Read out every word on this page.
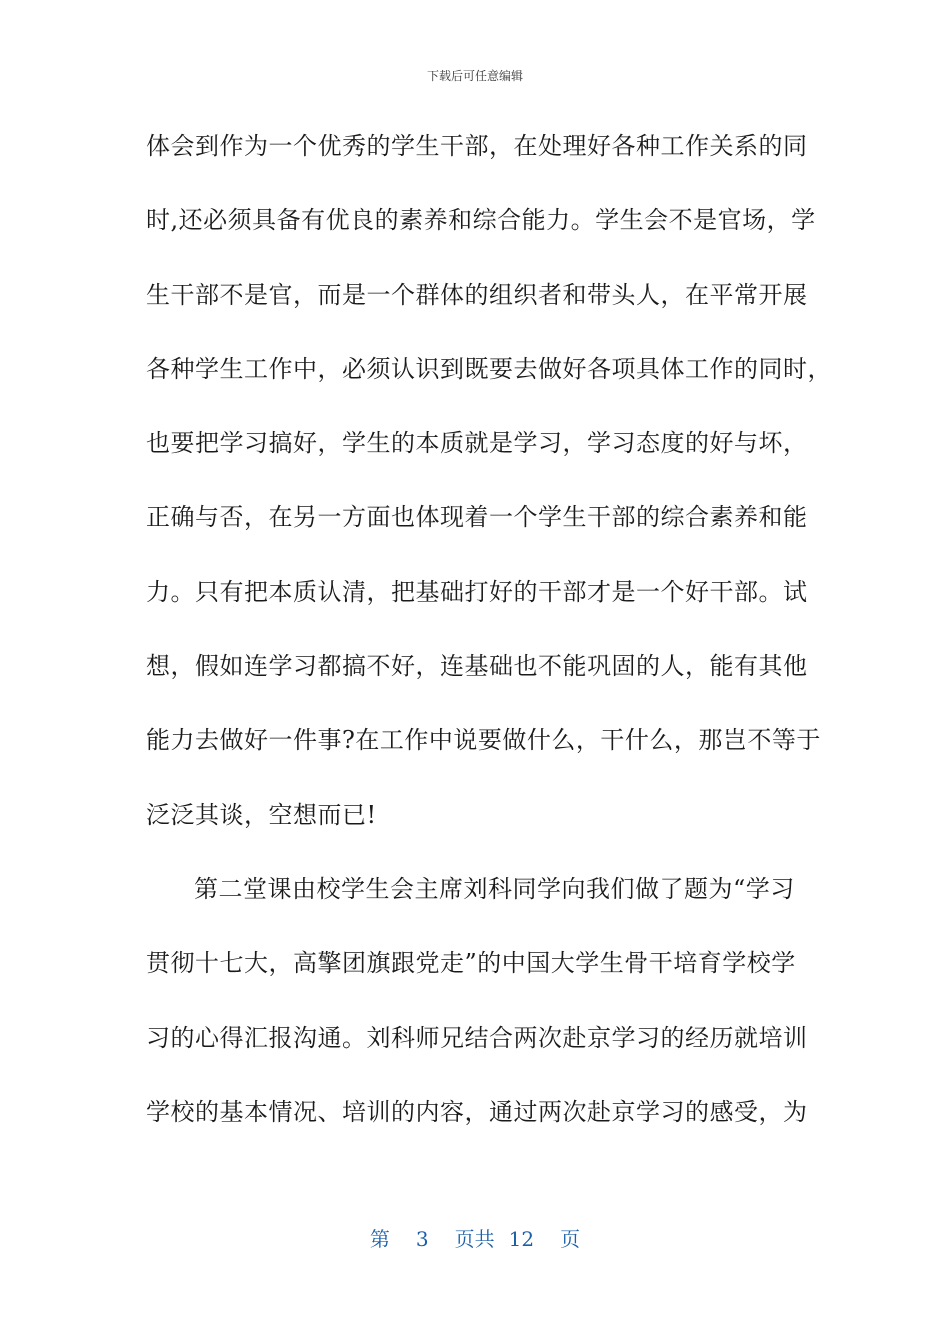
下载后可任意编辑
体会到作为一个优秀的学生干部，在处理好各种工作关系的同
时,还必须具备有优良的素养和综合能力。学生会不是官场，学
生干部不是官，而是一个群体的组织者和带头人，在平常开展
各种学生工作中，必须认识到既要去做好各项具体工作的同时，
也要把学习搞好，学生的本质就是学习，学习态度的好与坏，
正确与否，在另一方面也体现着一个学生干部的综合素养和能
力。只有把本质认清，把基础打好的干部才是一个好干部。试
想，假如连学习都搞不好，连基础也不能巩固的人，能有其他
能力去做好一件事?在工作中说要做什么，干什么，那岂不等于
泛泛其谈，空想而已!
第二堂课由校学生会主席刘科同学向我们做了题为“学习
贯彻十七大，高擎团旗跟党走”的中国大学生骨干培育学校学
习的心得汇报沟通。刘科师兄结合两次赴京学习的经历就培训
学校的基本情况、培训的内容，通过两次赴京学习的感受，为
第 3 页共 12 页
